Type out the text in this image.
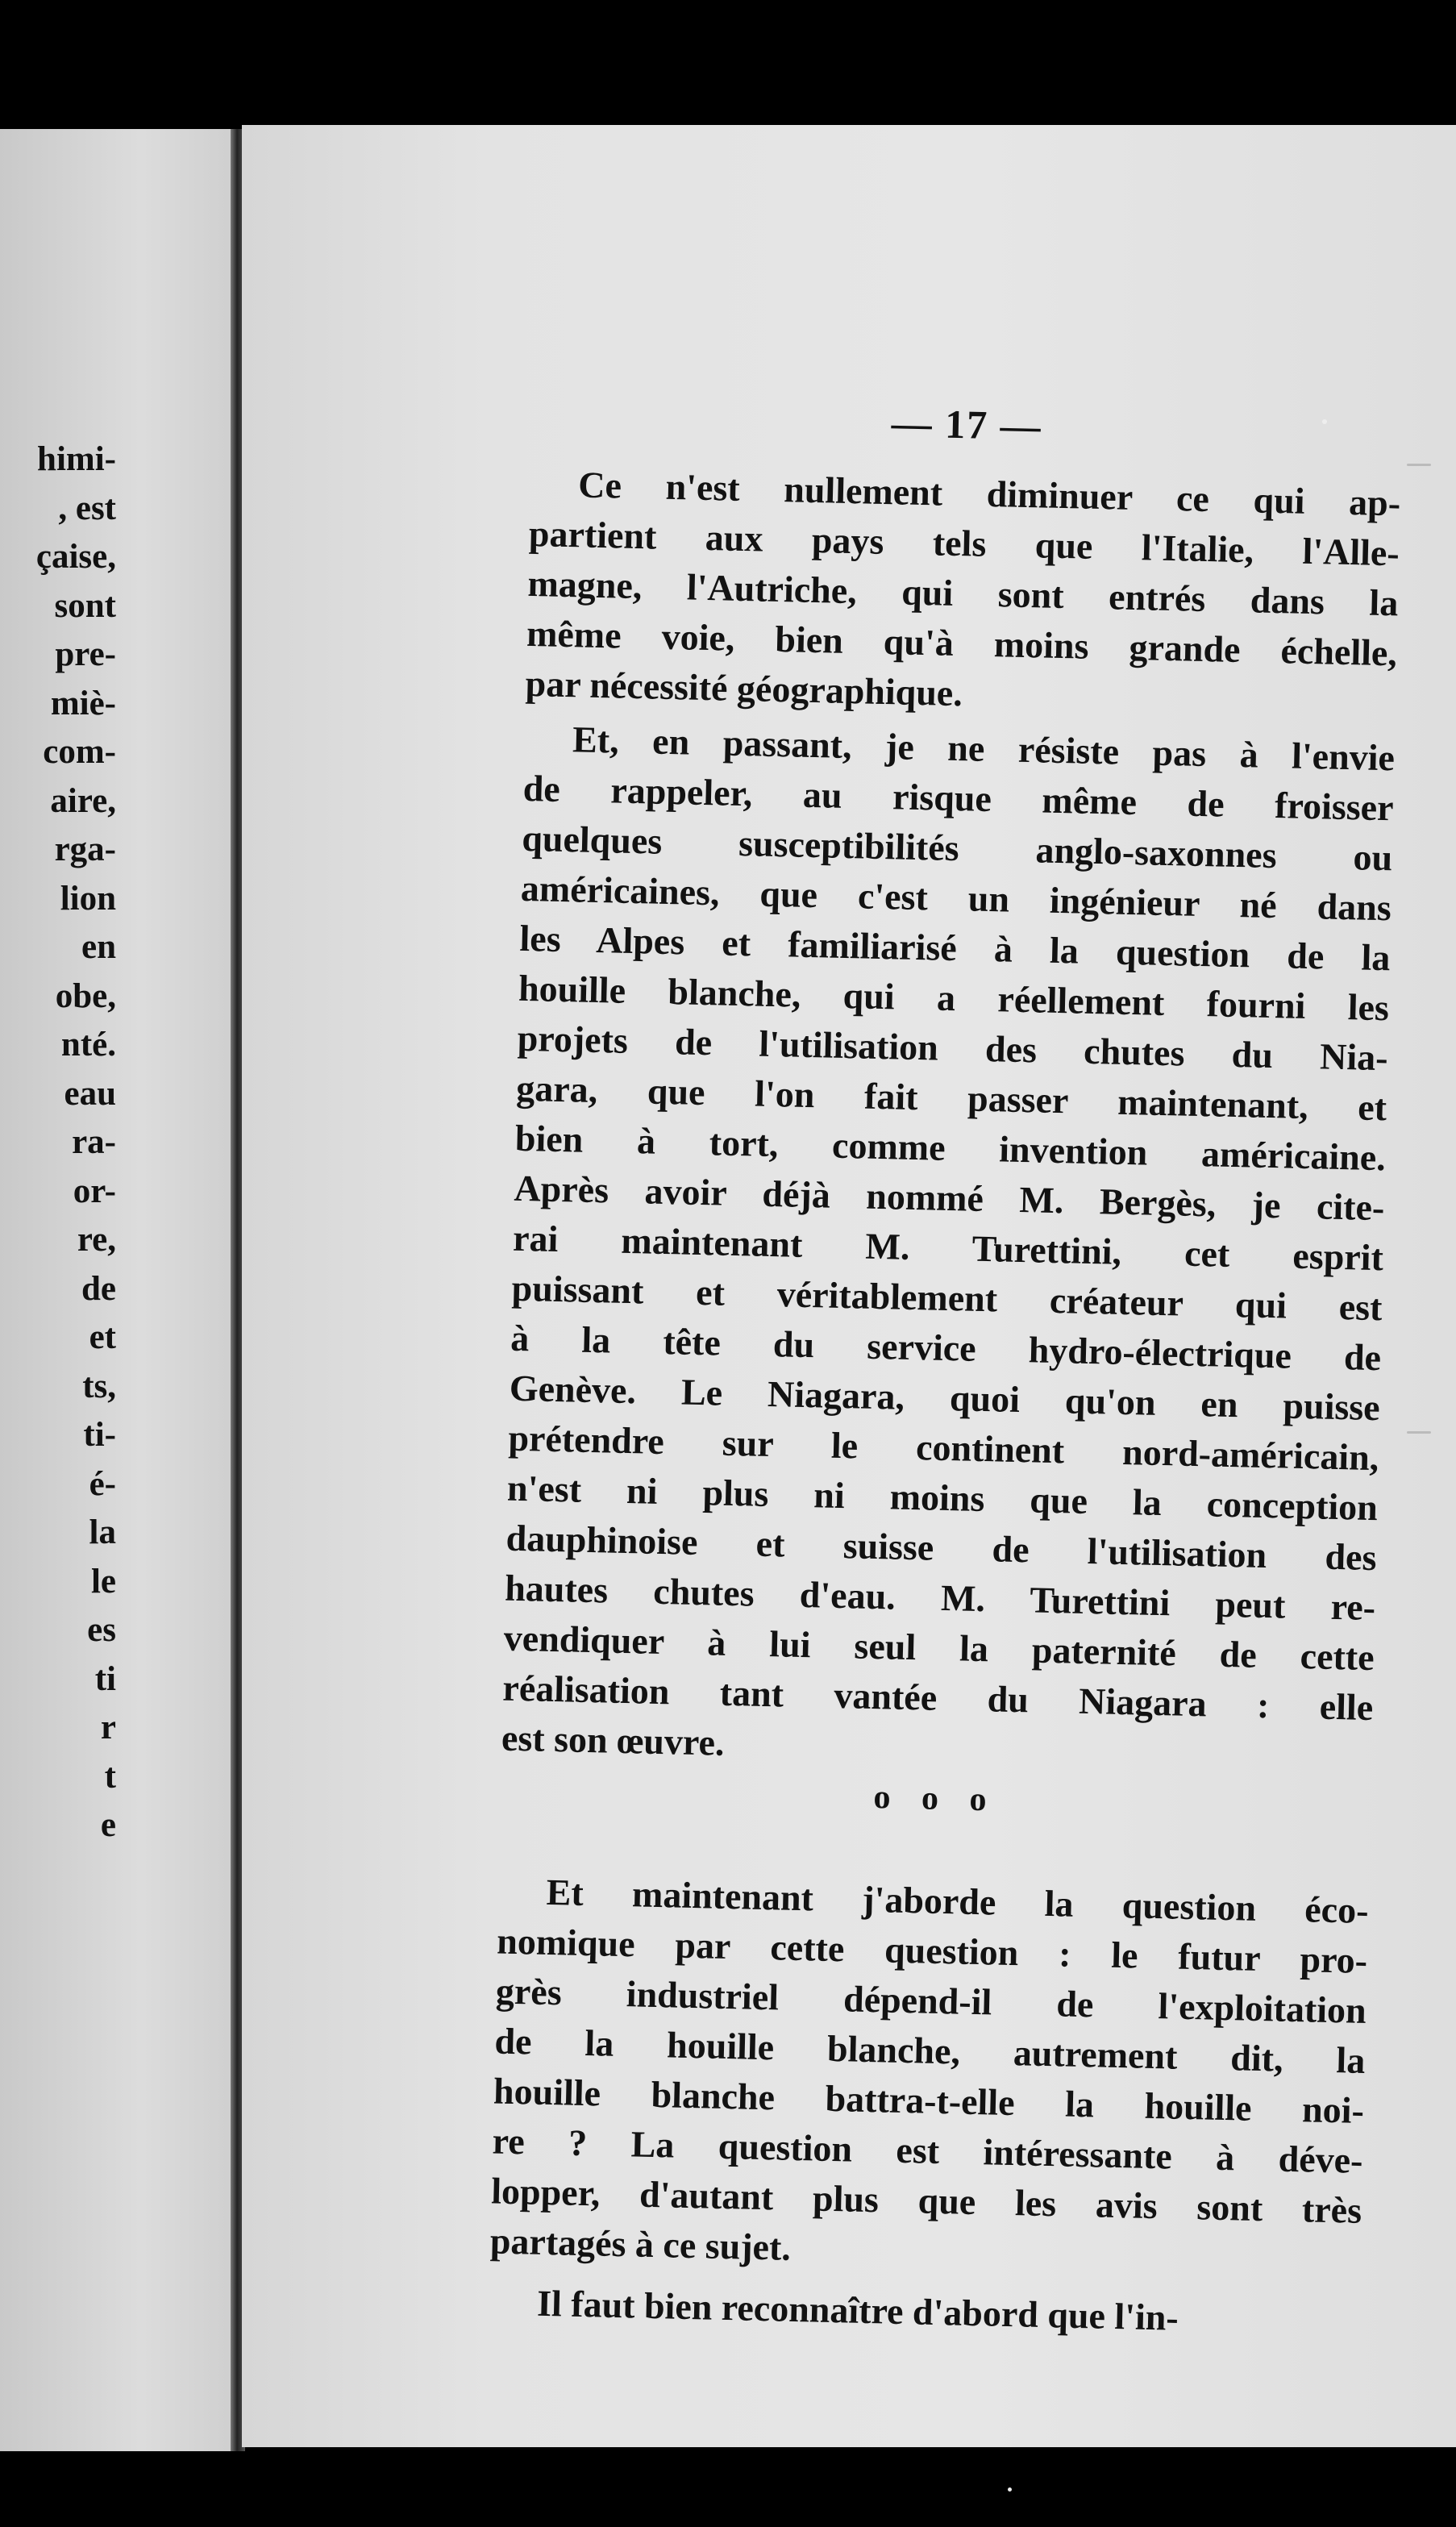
himi-
, est
çaise,
sont
pre-
miè-
com-
aire,
rga-
lion
en
obe,
nté.
eau
ra-
or-
re,
de
et
ts,
ti-
é-
la
le
es
ti
r
t
e
— 17 —
Ce n'est nullement diminuer ce qui ap-
partient aux pays tels que l'Italie, l'Alle-
magne, l'Autriche, qui sont entrés dans la
même voie, bien qu'à moins grande échelle,
par nécessité géographique.
Et, en passant, je ne résiste pas à l'envie
de rappeler, au risque même de froisser
quelques susceptibilités anglo-saxonnes ou
américaines, que c'est un ingénieur né dans
les Alpes et familiarisé à la question de la
houille blanche, qui a réellement fourni les
projets de l'utilisation des chutes du Nia-
gara, que l'on fait passer maintenant, et
bien à tort, comme invention américaine.
Après avoir déjà nommé M. Bergès, je cite-
rai maintenant M. Turettini, cet esprit
puissant et véritablement créateur qui est
à la tête du service hydro-électrique de
Genève. Le Niagara, quoi qu'on en puisse
prétendre sur le continent nord-américain,
n'est ni plus ni moins que la conception
dauphinoise et suisse de l'utilisation des
hautes chutes d'eau. M. Turettini peut re-
vendiquer à lui seul la paternité de cette
réalisation tant vantée du Niagara : elle
est son œuvre.
o o o
Et maintenant j'aborde la question éco-
nomique par cette question : le futur pro-
grès industriel dépend-il de l'exploitation
de la houille blanche, autrement dit, la
houille blanche battra-t-elle la houille noi-
re ? La question est intéressante à déve-
lopper, d'autant plus que les avis sont très
partagés à ce sujet.
Il faut bien reconnaître d'abord que l'in-
